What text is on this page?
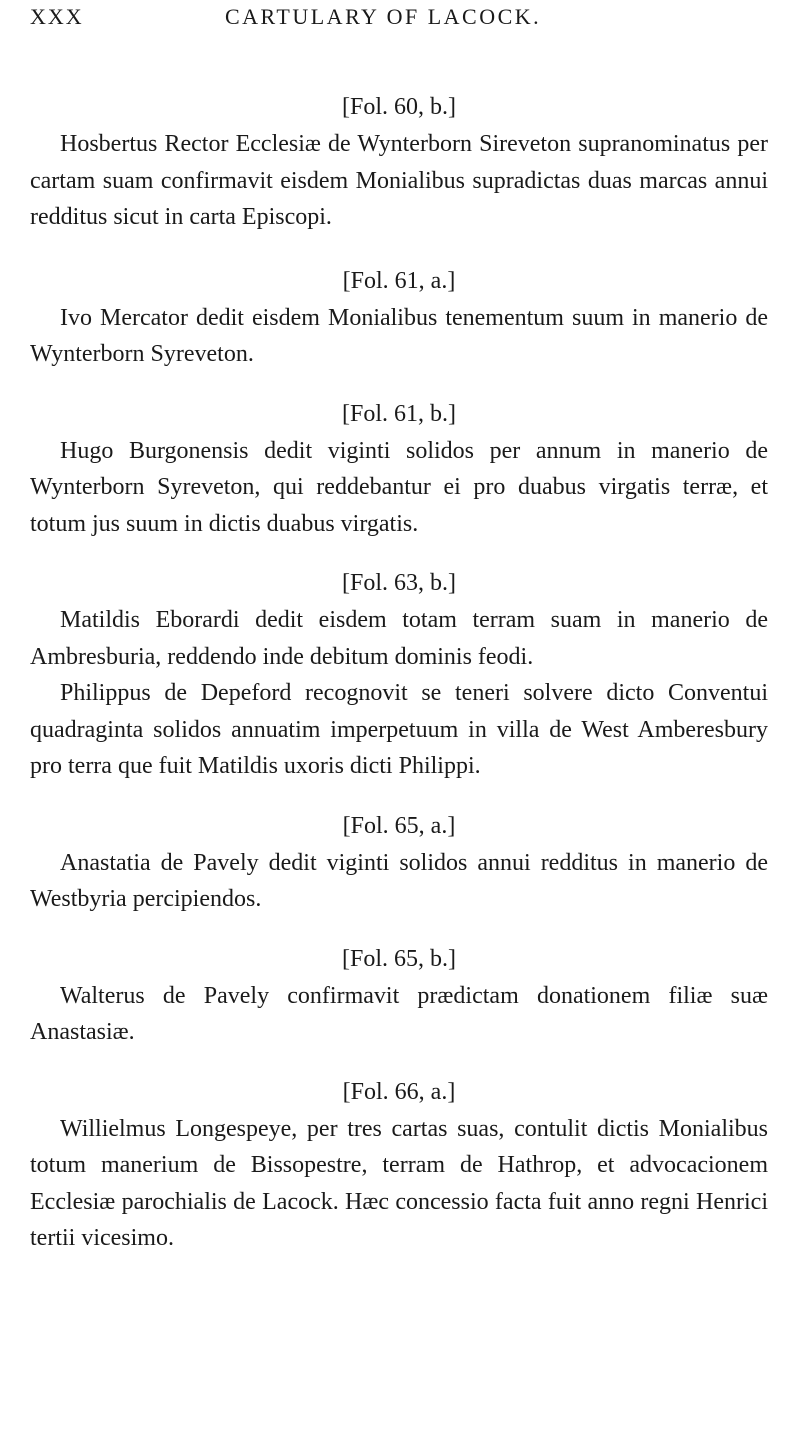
XXX	CARTULARY OF LACOCK.
[Fol. 60, b.]

Hosbertus Rector Ecclesiæ de Wynterborn Sireveton supranominatus per cartam suam confirmavit eisdem Monialibus supradictas duas marcas annui redditus sicut in carta Episcopi.

[Fol. 61, a.]

Ivo Mercator dedit eisdem Monialibus tenementum suum in manerio de Wynterborn Syreveton.

[Fol. 61, b.]

Hugo Burgonensis dedit viginti solidos per annum in manerio de Wynterborn Syreveton, qui reddebantur ei pro duabus virgatis terræ, et totum jus suum in dictis duabus virgatis.

[Fol. 63, b.]

Matildis Eborardi dedit eisdem totam terram suam in manerio de Ambresburia, reddendo inde debitum dominis feodi.

Philippus de Depeford recognovit se teneri solvere dicto Conventui quadraginta solidos annuatim imperpetuum in villa de West Amberesbury pro terra que fuit Matildis uxoris dicti Philippi.

[Fol. 65, a.]

Anastatia de Pavely dedit viginti solidos annui redditus in manerio de Westbyria percipiendos.

[Fol. 65, b.]

Walterus de Pavely confirmavit prædictam donationem filiæ suæ Anastasiæ.

[Fol. 66, a.]

Willielmus Longespeye, per tres cartas suas, contulit dictis Monialibus totum manerium de Bissopestre, terram de Hathrop, et advocacionem Ecclesiæ parochialis de Lacock. Hæc concessio facta fuit anno regni Henrici tertii vicesimo.
